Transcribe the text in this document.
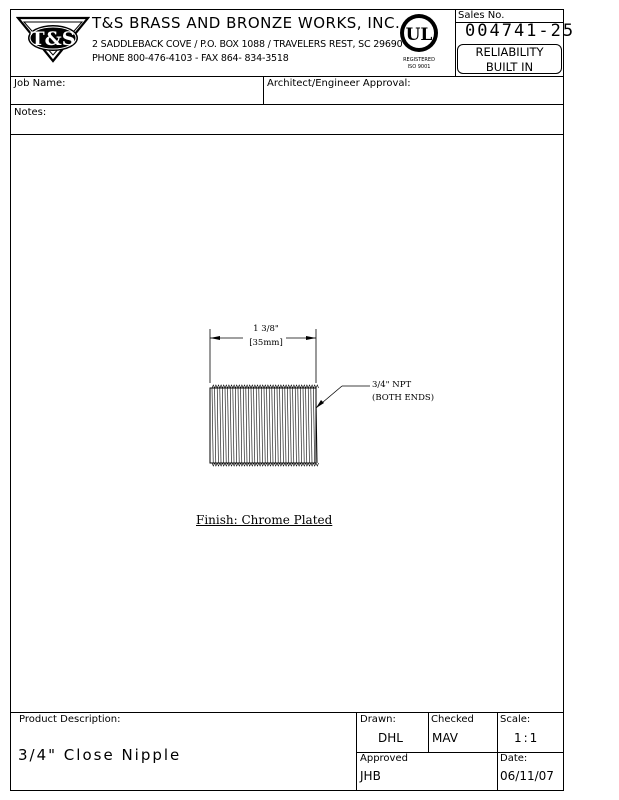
T&S
T&S BRASS AND BRONZE WORKS, INC.
2 SADDLEBACK COVE / P.O. BOX 1088 / TRAVELERS REST, SC 29690
PHONE 800-476-4103 - FAX 864- 834-3518
UL
REGISTERED
ISO 9001
Sales No.
004741-25
RELIABILITY
BUILT IN
Job Name:	Architect/Engineer Approval:
Notes:
1 3/8"
[35mm]
3/4" NPT
(BOTH ENDS)
Finish: Chrome Plated
Product Description:
3/4" Close Nipple
Drawn:
DHL
Checked
MAV
Scale:
1:1
Approved
JHB
Date:
06/11/07
